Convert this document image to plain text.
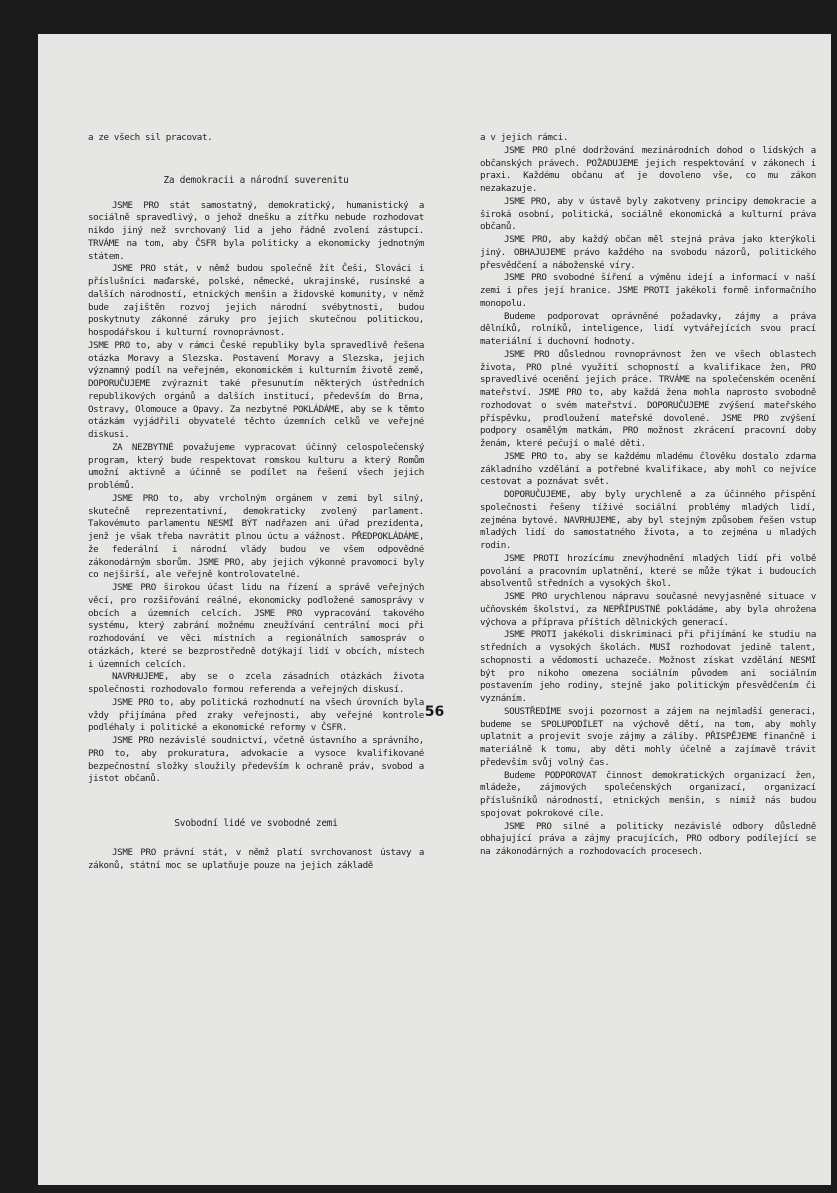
a ze všech sil pracovat.

Za demokracii a národní suverenitu

JSME PRO stát samostatný, demokratický, humanistický a sociálně spravedlivý, o jehož dnešku a zítřku nebude rozhodovat nikdo jiný než svrchovaný lid a jeho řádně zvolení zástupci. TRVÁME na tom, aby ČSFR byla politicky a ekonomicky jednotným státem.

JSME PRO stát, v němž budou společně žít Češi, Slováci i příslušníci maďarské, polské, německé, ukrajinské, rusínské a dalších národností, etnických menšin a židovské komunity, v němž bude zajištěn rozvoj jejich národní svébytnosti, budou poskytnuty zákonné záruky pro jejich skutečnou politickou, hospodářskou i kulturní rovnoprávnost.

JSME PRO to, aby v rámci České republiky byla spravedlivě řešena otázka Moravy a Slezska. Postavení Moravy a Slezska, jejich významný podíl na veřejném, ekonomickém i kulturním životě země, DOPORUČUJEME zvýraznit také přesunutím některých ústředních republikových orgánů a dalších institucí, především do Brna, Ostravy, Olomouce a Opavy. Za nezbytné POKLÁDÁME, aby se k těmto otázkám vyjádřili obyvatelé těchto územních celků ve veřejné diskusi.

ZA NEZBYTNÉ považujeme vypracovat účinný celospolečenský program, který bude respektovat romskou kulturu a který Romům umožní aktivně a účinně se podílet na řešení všech jejich problémů.

JSME PRO to, aby vrcholným orgánem v zemi byl silný, skutečně reprezentativní, demokraticky zvolený parlament. Takovémuto parlamentu NESMÍ BÝT nadřazen ani úřad prezidenta, jenž je však třeba navrátit plnou úctu a vážnost. PŘEDPOKLÁDÁME, že federální i národní vlády budou ve všem odpovědné zákonodárným sborům. JSME PRO, aby jejich výkonné pravomoci byly co nejširší, ale veřejně kontrolovatelné.

JSME PRO širokou účast lidu na řízení a správě veřejných věcí, pro rozšiřování reálné, ekonomicky podložené samosprávy v obcích a územních celcích. JSME PRO vypracování takového systému, který zabrání možnému zneužívání centrální moci při rozhodování ve věci místních a regionálních samospráv o otázkách, které se bezprostředně dotýkají lidí v obcích, místech i územních celcích.

NAVRHUJEME, aby se o zcela zásadních otázkách života společnosti rozhodovalo formou referenda a veřejných diskusí.

JSME PRO to, aby politická rozhodnutí na všech úrovních byla vždy přijímána před zraky veřejnosti, aby veřejné kontrole podléhaly i politické a ekonomické reformy v ČSFR.

JSME PRO nezávislé soudnictví, včetně ústavního a správního, PRO to, aby prokuratura, advokacie a vysoce kvalifikované bezpečnostní složky sloužily především k ochraně práv, svobod a jistot občanů.

Svobodní lidé ve svobodné zemi

JSME PRO právní stát, v němž platí svrchovanost ústavy a zákonů, státní moc se uplatňuje pouze na jejich základě

a v jejich rámci.

JSME PRO plné dodržování mezinárodních dohod o lidských a občanských právech. POŽADUJEME jejich respektování v zákonech i praxi. Každému občanu ať je dovoleno vše, co mu zákon nezakazuje.

JSME PRO, aby v ústavě byly zakotveny principy demokracie a široká osobní, politická, sociálně ekonomická a kulturní práva občanů.

JSME PRO, aby každý občan měl stejná práva jako kterýkoli jiný. OBHAJUJEME právo každého na svobodu názorů, politického přesvědčení a náboženské víry.

JSME PRO svobodné šíření a výměnu idejí a informací v naší zemi i přes její hranice. JSME PROTI jakékoli formě informačního monopolu.

Budeme podporovat oprávněné požadavky, zájmy a práva dělníků, rolníků, inteligence, lidí vytvářejících svou prací materiální i duchovní hodnoty.

JSME PRO důslednou rovnoprávnost žen ve všech oblastech života, PRO plné využití schopností a kvalifikace žen, PRO spravedlivé ocenění jejich práce. TRVÁME na společenském ocenění mateřství. JSME PRO to, aby každá žena mohla naprosto svobodně rozhodovat o svém mateřství. DOPORUČUJEME zvýšení mateřského příspěvku, prodloužení mateřské dovolené. JSME PRO zvýšení podpory osamělým matkám, PRO možnost zkrácení pracovní doby ženám, které pečují o malé děti.

JSME PRO to, aby se každému mladému člověku dostalo zdarma základního vzdělání a potřebné kvalifikace, aby mohl co nejvíce cestovat a poznávat svět.

DOPORUČUJEME, aby byly urychleně a za účinného přispění společnosti řešeny tíživé sociální problémy mladých lidí, zejména bytové. NAVRHUJEME, aby byl stejným způsobem řešen vstup mladých lidí do samostatného života, a to zejména u mladých rodin.

JSME PROTI hrozícímu znevýhodnění mladých lidí při volbě povolání a pracovním uplatnění, které se může týkat i budoucích absolventů středních a vysokých škol.

JSME PRO urychlenou nápravu současné nevyjasněné situace v učňovském školství, za NEPŘÍPUSTNÉ pokládáme, aby byla ohrožena výchova a příprava příštích dělnických generací.

JSME PROTI jakékoli diskriminaci při přijímání ke studiu na středních a vysokých školách. MUSÍ rozhodovat jedině talent, schopnosti a vědomosti uchazeče. Možnost získat vzdělání NESMÍ být pro nikoho omezena sociálním původem ani sociálním postavením jeho rodiny, stejně jako politickým přesvědčením či vyznáním.

SOUSTŘEDÍME svoji pozornost a zájem na nejmladší generaci, budeme se SPOLUPODÍLET na výchově dětí, na tom, aby mohly uplatnit a projevit svoje zájmy a záliby. PŘISPĚJEME finančně i materiálně k tomu, aby děti mohly účelně a zajímavě trávit především svůj volný čas.

Budeme PODPOROVAT činnost demokratických organizací žen, mládeže, zájmových společenských organizací, organizací příslušníků národností, etnických menšin, s nimiž nás budou spojovat pokrokové cíle.

JSME PRO silné a politicky nezávislé odbory důsledně obhajující práva a zájmy pracujících, PRO odbory podílející se na zákonodárných a rozhodovacích procesech.

56
